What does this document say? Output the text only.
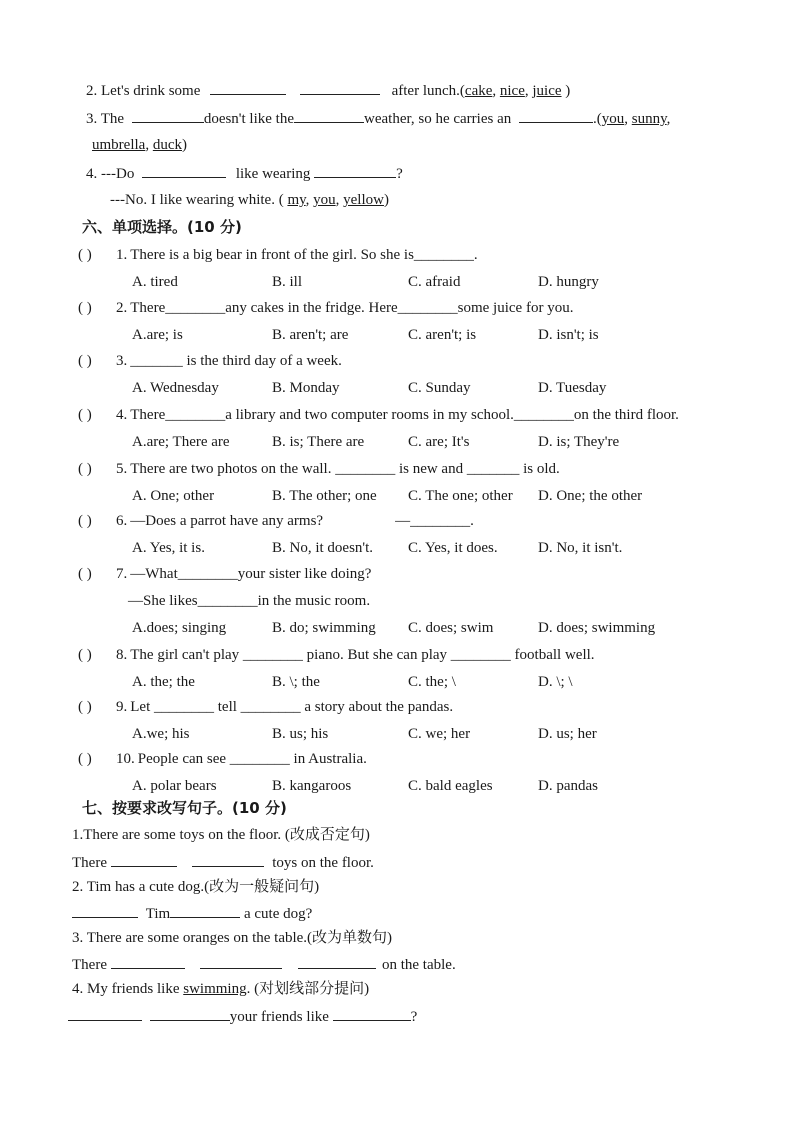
2. Let's drink some	after lunch.(cake, nice, juice )
3. The	doesn't like the	weather, so he carries an	.(you, sunny,
umbrella, duck)
4. ---Do	like wearing	?
---No. I like wearing white. ( my, you, yellow)
六、单项选择。(10 分)
( ) 1. There is a big bear in front of the girl. So she is________.
A. tired	B. ill	C. afraid	D. hungry
( ) 2. There________any cakes in the fridge. Here________some juice for you.
A.are; is	B. aren't; are	C. aren't; is	D. isn't; is
( ) 3. _______ is the third day of a week.
A. Wednesday	B. Monday	C. Sunday	D. Tuesday
( ) 4. There________a library and two computer rooms in my school.________on the third floor.
A.are; There are	B. is; There are	C. are; It's	D. is; They're
( ) 5. There are two photos on the wall. ________ is new and _______ is old.
A. One; other	B. The other; one C. The one; other D. One; the other
( ) 6. —Does a parrot have any arms?	—________.
A. Yes, it is.	B. No, it doesn't. C. Yes, it does.	D. No, it isn't.
( ) 7. —What________your sister like doing?
—She likes________in the music room.
A.does; singing	B. do; swimming C. does; swim	D. does; swimming
( ) 8. The girl can't play ________ piano. But she can play ________ football well.
A. the; the	B. \; the	C. the; \	D. \; \
( ) 9. Let ________ tell ________ a story about the pandas.
A.we; his	B. us; his	C. we; her	D. us; her
( ) 10. People can see ________ in Australia.
A. polar bears	B. kangaroos	C. bald eagles	D. pandas
七、按要求改写句子。(10 分)
1.There are some toys on the floor. (改成否定句)
There	toys on the floor.
2. Tim has a cute dog.(改为一般疑问句)
Tim	a cute dog?
3. There are some oranges on the table.(改为单数句)
There	on the table.
4. My friends like swimming. (对划线部分提问)
your friends like	?
